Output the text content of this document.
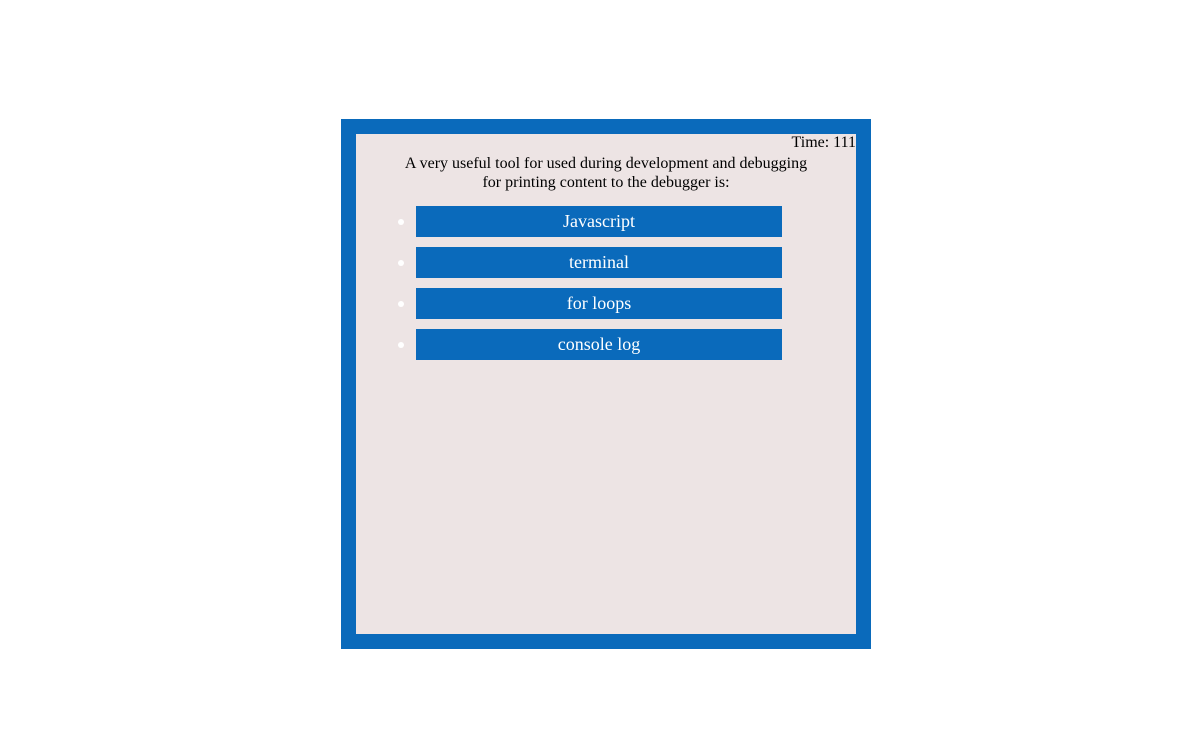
Time: 111
A very useful tool for used during development and debugging for printing content to the debugger is:
Javascript
terminal
for loops
console log
